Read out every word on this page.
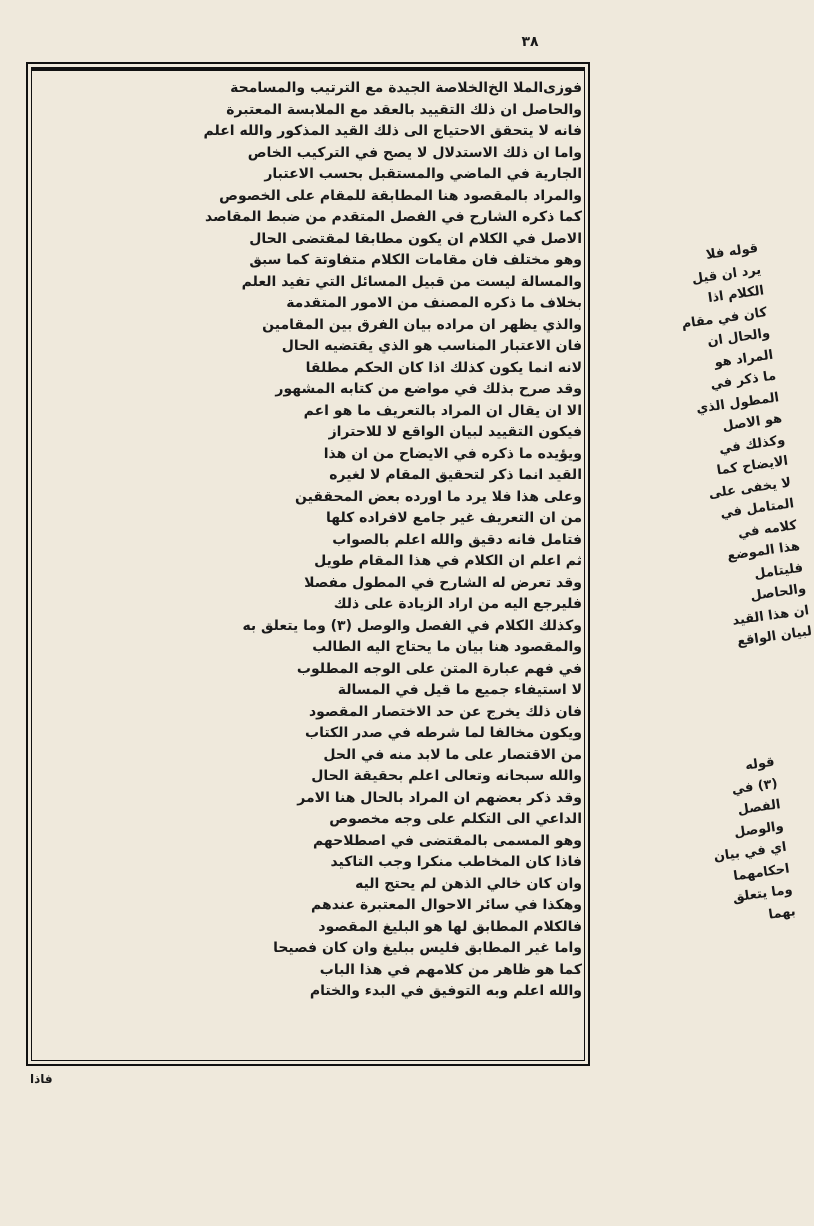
٣٨
فوزى‌الملا الخ‌الخلاصة الجيدة مع الترتيب والمسامحة
والحاصل ان ذلك التقييد بالعقد مع الملابسة المعتبرة
فانه لا يتحقق الاحتياج الى ذلك القيد المذكور والله اعلم
واما ان ذلك الاستدلال لا يصح في التركيب الخاص
الجارية في الماضي والمستقبل بحسب الاعتبار
والمراد بالمقصود هنا المطابقة للمقام على الخصوص
كما ذكره الشارح في الفصل المتقدم من ضبط المقاصد
الاصل في الكلام ان يكون مطابقا لمقتضى الحال
وهو مختلف فان مقامات الكلام متفاوتة كما سبق
والمسالة ليست من قبيل المسائل التي تفيد العلم
بخلاف ما ذكره المصنف من الامور المتقدمة
والذي يظهر ان مراده بيان الفرق بين المقامين
فان الاعتبار المناسب هو الذي يقتضيه الحال
لانه انما يكون كذلك اذا كان الحكم مطلقا
وقد صرح بذلك في مواضع من كتابه المشهور
الا ان يقال ان المراد بالتعريف ما هو اعم
فيكون التقييد لبيان الواقع لا للاحتراز
ويؤيده ما ذكره في الايضاح من ان هذا
القيد انما ذكر لتحقيق المقام لا لغيره
وعلى هذا فلا يرد ما اورده بعض المحققين
من ان التعريف غير جامع لافراده كلها
فتامل فانه دقيق والله اعلم بالصواب
ثم اعلم ان الكلام في هذا المقام طويل
وقد تعرض له الشارح في المطول مفصلا
فليرجع اليه من اراد الزيادة على ذلك
وكذلك الكلام في الفصل والوصل (٣) وما يتعلق به
والمقصود هنا بيان ما يحتاج اليه الطالب
في فهم عبارة المتن على الوجه المطلوب
لا استيفاء جميع ما قيل في المسالة
فان ذلك يخرج عن حد الاختصار المقصود
ويكون مخالفا لما شرطه في صدر الكتاب
من الاقتصار على ما لابد منه في الحل
والله سبحانه وتعالى اعلم بحقيقة الحال
وقد ذكر بعضهم ان المراد بالحال هنا الامر
الداعي الى التكلم على وجه مخصوص
وهو المسمى بالمقتضى في اصطلاحهم
فاذا كان المخاطب منكرا وجب التاكيد
وان كان خالي الذهن لم يحتج اليه
وهكذا في سائر الاحوال المعتبرة عندهم
فالكلام المطابق لها هو البليغ المقصود
واما غير المطابق فليس ببليغ وان كان فصيحا
كما هو ظاهر من كلامهم في هذا الباب
والله اعلم وبه التوفيق في البدء والختام
قوله فلا
يرد ان قيل
الكلام اذا
كان في مقام
والحال ان
المراد هو
ما ذكر في
المطول الذي
هو الاصل
وكذلك في
الايضاح كما
لا يخفى على
المتامل في
كلامه في
هذا الموضع
فليتامل
والحاصل
ان هذا القيد
لبيان الواقع
قوله
(٣) في
الفصل
والوصل
اي في بيان
احكامهما
وما يتعلق
بهما
فاذا
